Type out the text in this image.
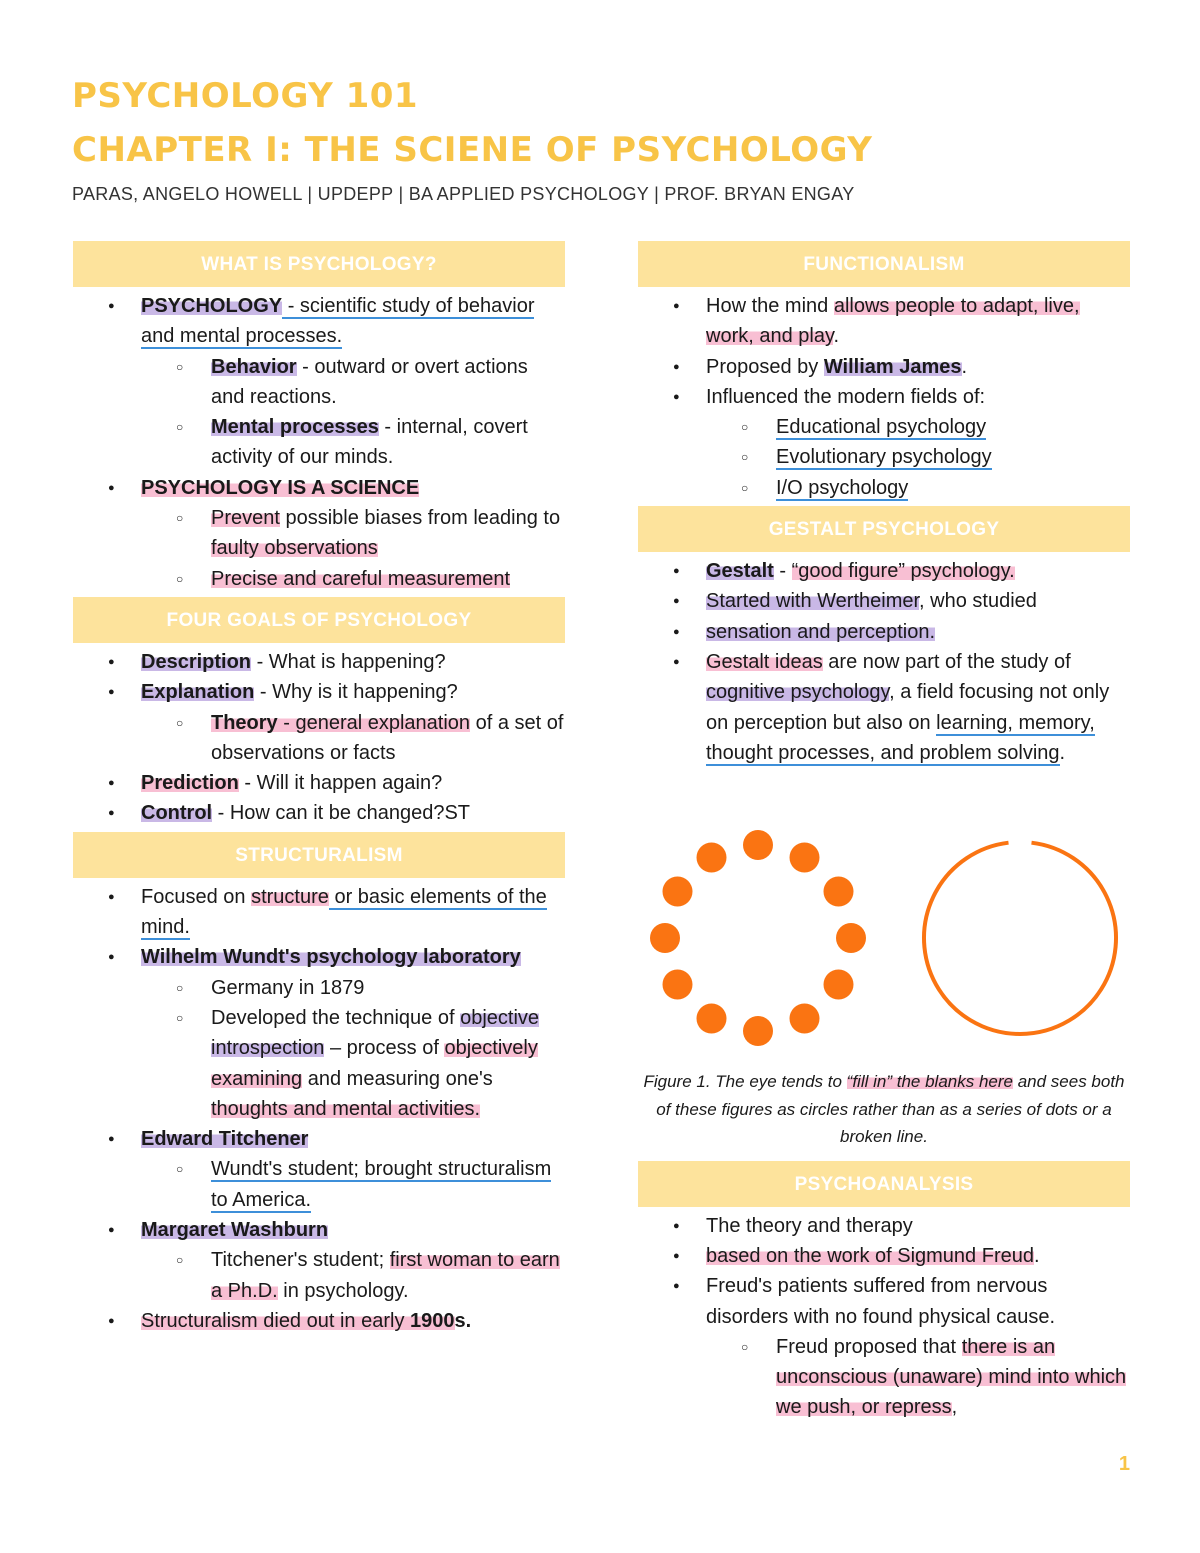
PSYCHOLOGY 101
CHAPTER I: THE SCIENE OF PSYCHOLOGY
PARAS, ANGELO HOWELL | UPDEPP | BA APPLIED PSYCHOLOGY | PROF. BRYAN ENGAY
WHAT IS PSYCHOLOGY?
● PSYCHOLOGY - scientific study of behavior and mental processes.
○ Behavior - outward or overt actions and reactions.
○ Mental processes - internal, covert activity of our minds.
● PSYCHOLOGY IS A SCIENCE
○ Prevent possible biases from leading to faulty observations
○ Precise and careful measurement
FOUR GOALS OF PSYCHOLOGY
● Description - What is happening?
● Explanation - Why is it happening?
○ Theory - general explanation of a set of observations or facts
● Prediction - Will it happen again?
● Control - How can it be changed?ST
STRUCTURALISM
● Focused on structure or basic elements of the mind.
● Wilhelm Wundt's psychology laboratory
○ Germany in 1879
○ Developed the technique of objective introspection – process of objectively examining and measuring one's thoughts and mental activities.
● Edward Titchener
○ Wundt's student; brought structuralism to America.
● Margaret Washburn
○ Titchener's student; first woman to earn a Ph.D. in psychology.
● Structuralism died out in early 1900s.
FUNCTIONALISM
● How the mind allows people to adapt, live, work, and play.
● Proposed by William James.
● Influenced the modern fields of:
○ Educational psychology
○ Evolutionary psychology
○ I/O psychology
GESTALT PSYCHOLOGY
● Gestalt - “good figure” psychology.
● Started with Wertheimer, who studied
● sensation and perception.
● Gestalt ideas are now part of the study of cognitive psychology, a field focusing not only on perception but also on learning, memory, thought processes, and problem solving.

Figure 1. The eye tends to “fill in” the blanks here and sees both of these figures as circles rather than as a series of dots or a broken line.

PSYCHOANALYSIS
● The theory and therapy
● based on the work of Sigmund Freud.
● Freud's patients suffered from nervous disorders with no found physical cause.
○ Freud proposed that there is an unconscious (unaware) mind into which we push, or repress,
1
